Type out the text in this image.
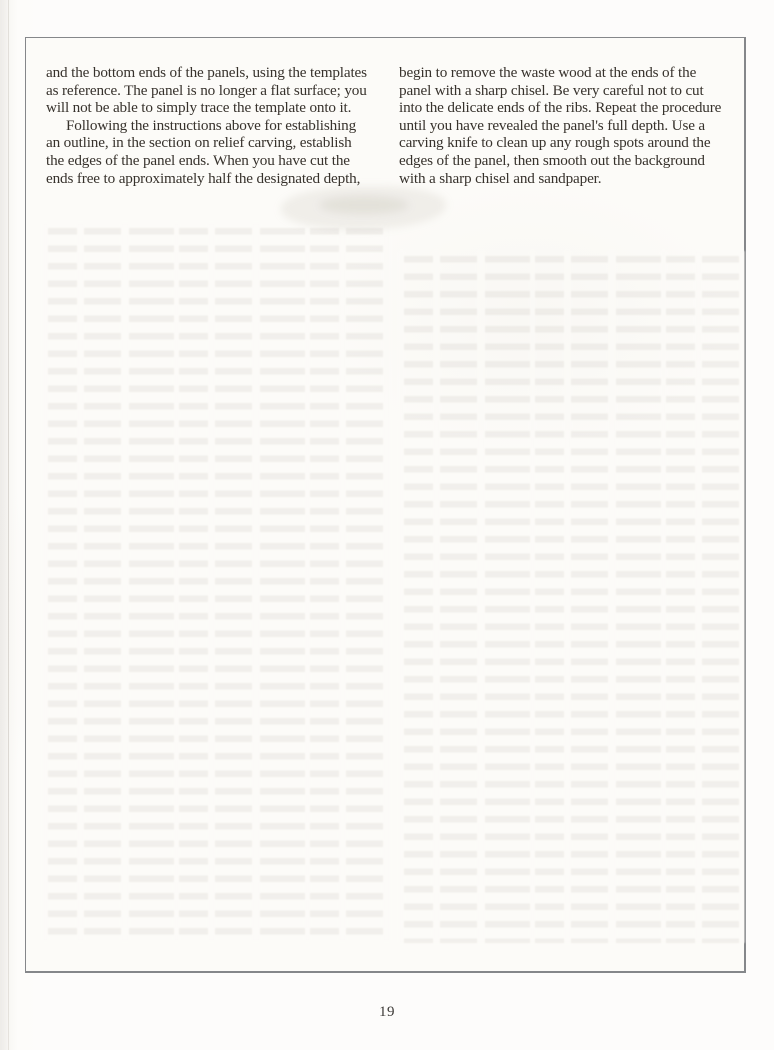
and the bottom ends of the panels, using the templates
as reference. The panel is no longer a flat surface; you
will not be able to simply trace the template onto it.
Following the instructions above for establishing
an outline, in the section on relief carving, establish
the edges of the panel ends. When you have cut the
ends free to approximately half the designated depth,
begin to remove the waste wood at the ends of the
panel with a sharp chisel. Be very careful not to cut
into the delicate ends of the ribs. Repeat the procedure
until you have revealed the panel's full depth. Use a
carving knife to clean up any rough spots around the
edges of the panel, then smooth out the background
with a sharp chisel and sandpaper.
19
